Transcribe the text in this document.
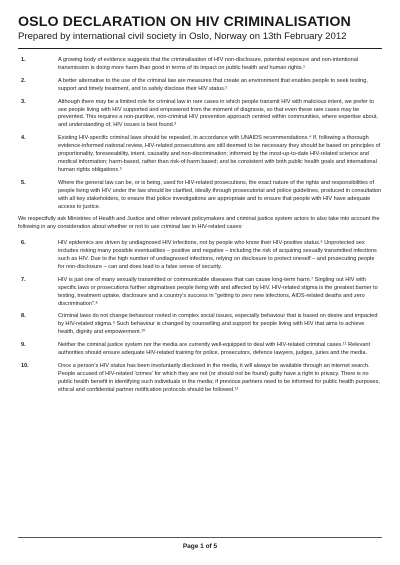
OSLO DECLARATION ON HIV CRIMINALISATION
Prepared by international civil society in Oslo, Norway on 13th February 2012
1.	A growing body of evidence suggests that the criminalisation of HIV non-disclosure, potential exposure and non-intentional transmission is doing more harm than good in terms of its impact on public health and human rights.¹
2.	A better alternative to the use of the criminal law are measures that create an environment that enables people to seek testing, support and timely treatment, and to safely disclose their HIV status.²
3.	Although there may be a limited role for criminal law in rare cases in which people transmit HIV with malicious intent, we prefer to see people living with HIV supported and empowered from the moment of diagnosis, so that even these rare cases may be prevented. This requires a non-punitive, non-criminal HIV prevention approach centred within communities, where expertise about, and understanding of, HIV issues is best found.³
4.	Existing HIV-specific criminal laws should be repealed, in accordance with UNAIDS recommendations.⁴ If, following a thorough evidence-informed national review, HIV-related prosecutions are still deemed to be necessary they should be based on principles of proportionality, foreseeability, intent, causality and non-discrimination; informed by the most-up-to-date HIV-related science and medical information; harm-based, rather than risk-of-harm based; and be consistent with both public health goals and international human rights obligations.⁵
5.	Where the general law can be, or is being, used for HIV-related prosecutions, the exact nature of the rights and responsibilities of people living with HIV under the law should be clarified, ideally through prosecutorial and police guidelines, produced in consultation with all key stakeholders, to ensure that police investigations are appropriate and to ensure that people with HIV have adequate access to justice.
We respectfully ask Ministries of Health and Justice and other relevant policymakers and criminal justice system actors to also take into account the following in any consideration about whether or not to use criminal law in HIV-related cases:
6.	HIV epidemics are driven by undiagnosed HIV infections, not by people who know their HIV-positive status.⁶ Unprotected sex includes risking many possible eventualities – positive and negative – including the risk of acquiring sexually transmitted infections such as HIV. Due to the high number of undiagnosed infections, relying on disclosure to protect oneself – and prosecuting people for non-disclosure – can and does lead to a false sense of security.
7.	HIV is just one of many sexually transmitted or communicable diseases that can cause long-term harm.⁷ Singling out HIV with specific laws or prosecutions further stigmatises people living with and affected by HIV. HIV-related stigma is the greatest barrier to testing, treatment uptake, disclosure and a country's success in "getting to zero new infections, AIDS-related deaths and zero discrimination".⁸
8.	Criminal laws do not change behaviour rooted in complex social issues, especially behaviour that is based on desire and impacted by HIV-related stigma.⁹ Such behaviour is changed by counselling and support for people living with HIV that aims to achieve health, dignity and empowerment.¹⁰
9.	Neither the criminal justice system nor the media are currently well-equipped to deal with HIV-related criminal cases.¹¹ Relevant authorities should ensure adequate HIV-related training for police, prosecutors, defence lawyers, judges, juries and the media.
10.	Once a person's HIV status has been involuntarily disclosed in the media, it will always be available through an internet search. People accused of HIV-related 'crimes' for which they are not (or should not be found) guilty have a right to privacy. There is no public health benefit in identifying such individuals in the media; if previous partners need to be informed for public health purposes, ethical and confidential partner notification protocols should be followed.¹²
Page 1 of 5
